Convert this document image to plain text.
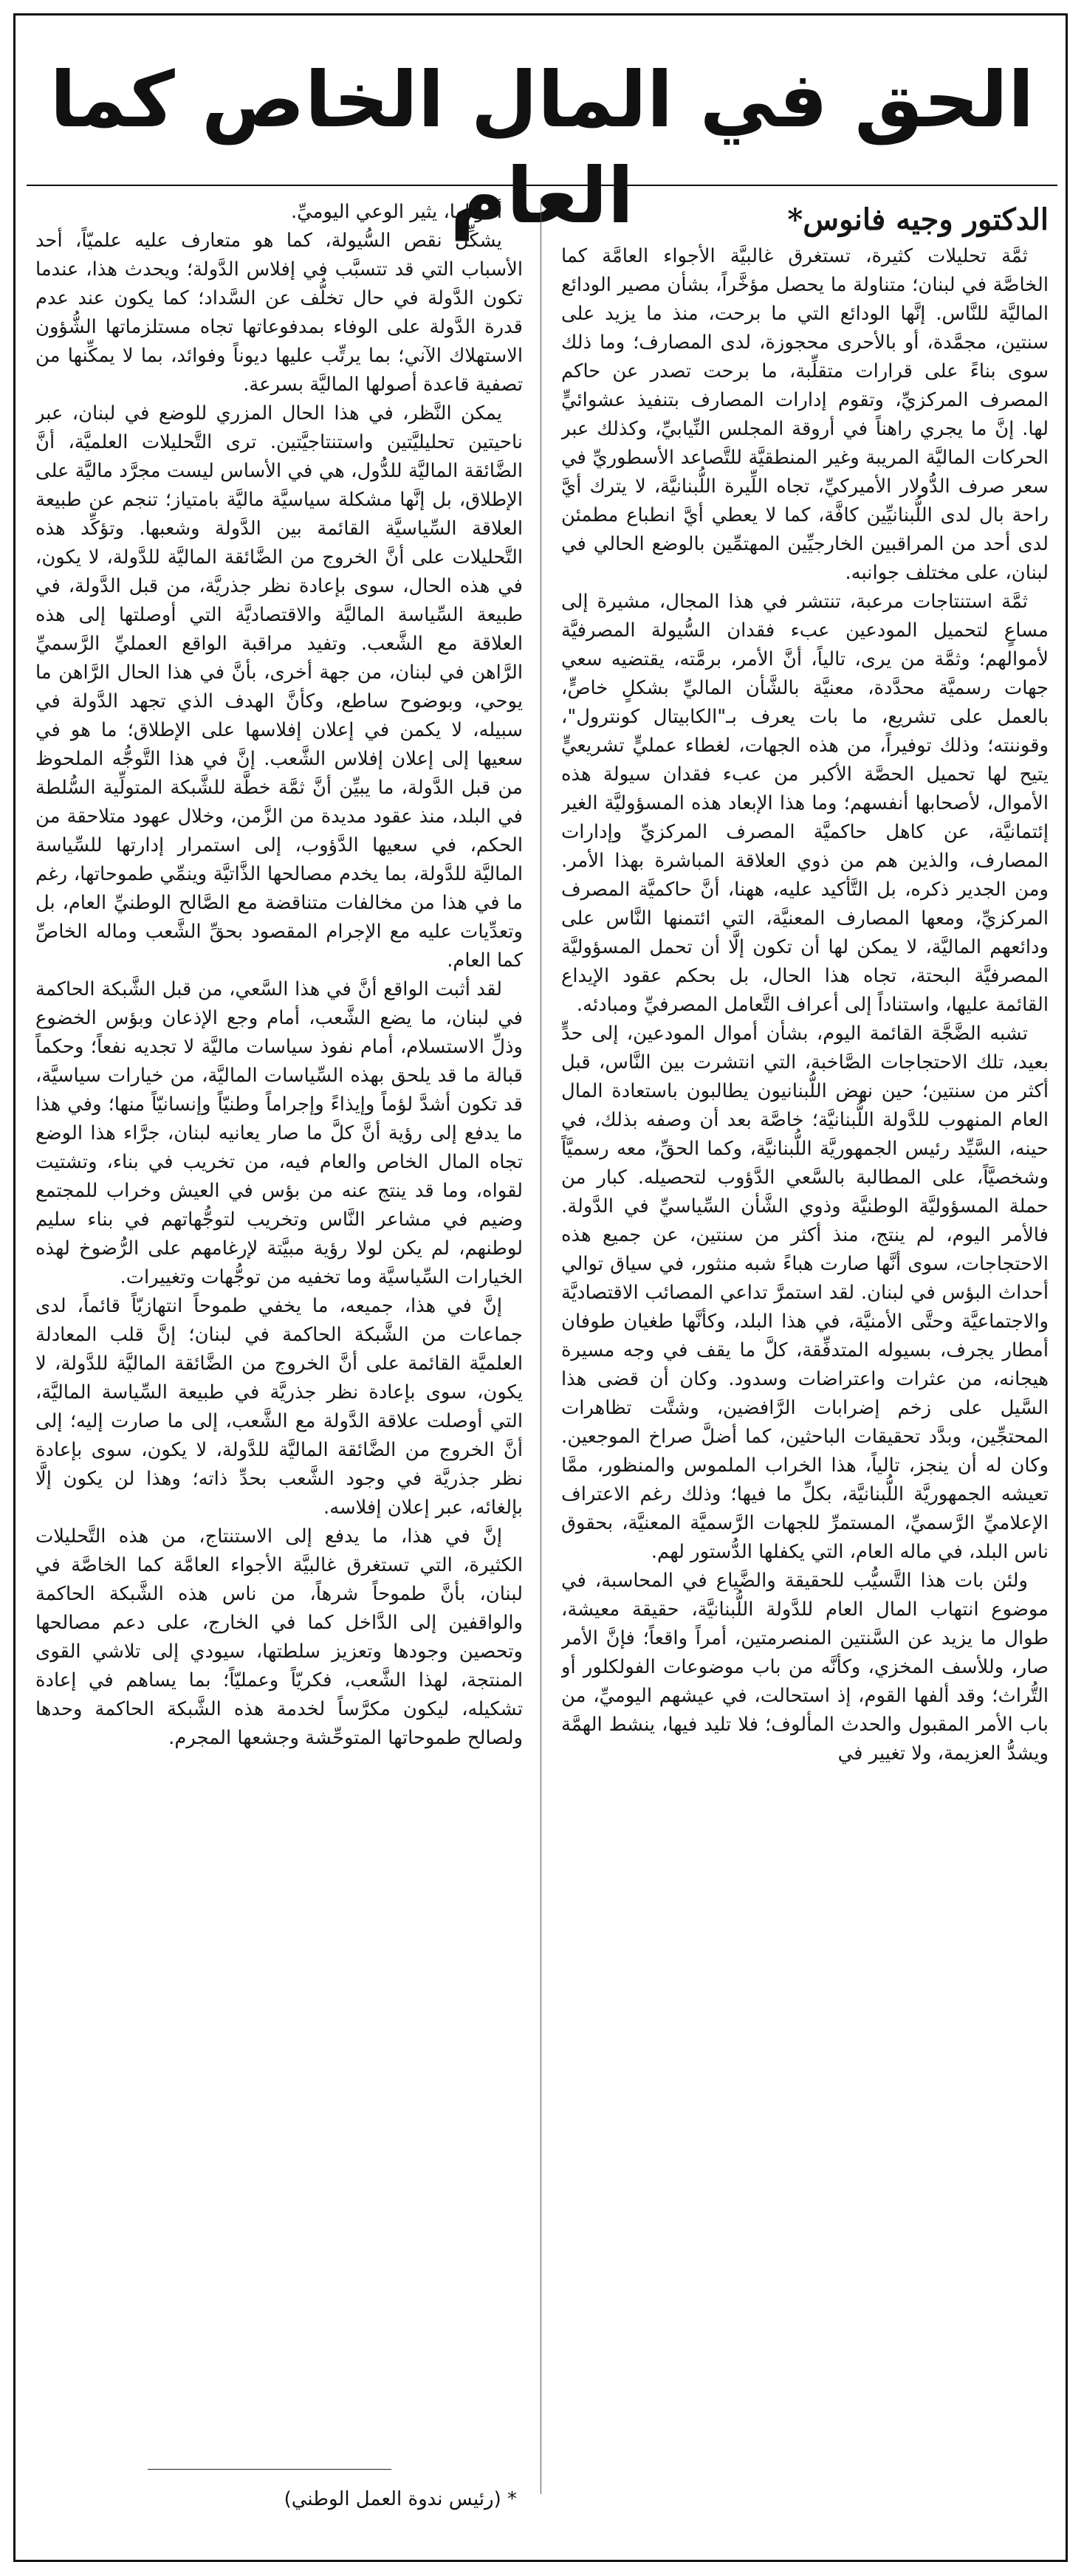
الحق في المال الخاص كما العام	الدكتور وجيه فانوس*

ثمَّة تحليلات كثيرة، تستغرق غالبيَّة الأجواء العامَّة كما الخاصَّة في لبنان؛ متناولة ما يحصل مؤخَّراً، بشأن مصير الودائع الماليَّة للنَّاس. إنَّها الودائع التي ما برحت، منذ ما يزيد على سنتين، مجمَّدة، أو بالأحرى محجوزة، لدى المصارف؛ وما ذلك سوى بناءً على قرارات متقلِّبة، ما برحت تصدر عن حاكم المصرف المركزيِّ، وتقوم إدارات المصارف بتنفيذ عشوائيٍّ لها. إنَّ ما يجري راهناً في أروقة المجلس النِّيابيِّ، وكذلك عبر الحركات الماليَّة المريبة وغير المنطقيَّة للتَّصاعد الأسطوريِّ في سعر صرف الدُّولار الأميركيِّ، تجاه اللِّيرة اللُّبنانيَّة، لا يترك أيَّ راحة بال لدى اللُّبنانيِّين كافَّة، كما لا يعطي أيَّ انطباع مطمئن لدى أحد من المراقبين الخارجيِّين المهتمِّين بالوضع الحالي في لبنان، على مختلف جوانبه.

ثمَّة استنتاجات مرعبة، تنتشر في هذا المجال، مشيرة إلى مساعٍ لتحميل المودعين عبء فقدان السُّيولة المصرفيَّة لأموالهم؛ وثمَّة من يرى، تالياً، أنَّ الأمر، برمَّته، يقتضيه سعي جهات رسميَّة محدَّدة، معنيَّة بالشَّأن الماليِّ بشكلٍ خاصٍّ، بالعمل على تشريع، ما بات يعرف بـ"الكابيتال كونترول"، وقوننته؛ وذلك توفيراً، من هذه الجهات، لغطاء عمليٍّ تشريعيٍّ يتيح لها تحميل الحصَّة الأكبر من عبء فقدان سيولة هذه الأموال، لأصحابها أنفسهم؛ وما هذا الإبعاد هذه المسؤوليَّة الغير إئتمانيَّة، عن كاهل حاكميَّة المصرف المركزيِّ وإدارات المصارف، والذين هم من ذوي العلاقة المباشرة بهذا الأمر. ومن الجدير ذكره، بل التَّأكيد عليه، ههنا، أنَّ حاكميَّة المصرف المركزيِّ، ومعها المصارف المعنيَّة، التي ائتمنها النَّاس على ودائعهم الماليَّة، لا يمكن لها أن تكون إلَّا أن تحمل المسؤوليَّة المصرفيَّة البحتة، تجاه هذا الحال، بل بحكم عقود الإيداع القائمة عليها، واستناداً إلى أعراف التَّعامل المصرفيِّ ومبادئه.

تشبه الضَّجَّة القائمة اليوم، بشأن أموال المودعين، إلى حدٍّ بعيد، تلك الاحتجاجات الصَّاخبة، التي انتشرت بين النَّاس، قبل أكثر من سنتين؛ حين نهض اللُّبنانيون يطالبون باستعادة المال العام المنهوب للدَّولة اللُّبنانيَّة؛ خاصَّة بعد أن وصفه بذلك، في حينه، السَّيِّد رئيس الجمهوريَّة اللُّبنانيَّة، وكما الحقِّ، معه رسميَّاً وشخصيَّاً، على المطالبة بالسَّعي الدَّؤوب لتحصيله. كبار من حملة المسؤوليَّة الوطنيَّة وذوي الشَّأن السِّياسيِّ في الدَّولة. فالأمر اليوم، لم ينتج، منذ أكثر من سنتين، عن جميع هذه الاحتجاجات، سوى أنَّها صارت هباءً شبه منثور، في سياق توالي أحداث البؤس في لبنان. لقد استمرَّ تداعي المصائب الاقتصاديَّة والاجتماعيَّة وحتَّى الأمنيَّة، في هذا البلد، وكأنَّها طغيان طوفان أمطار يجرف، بسيوله المتدفِّقة، كلَّ ما يقف في وجه مسيرة هيجانه، من عثرات واعتراضات وسدود. وكان أن قضى هذا السَّيل على زخم إضرابات الرَّافضين، وشتَّت تظاهرات المحتجِّين، وبدَّد تحقيقات الباحثين، كما أضلَّ صراخ الموجعين. وكان له أن ينجز، تالياً، هذا الخراب الملموس والمنظور، ممَّا تعيشه الجمهوريَّة اللُّبنانيَّة، بكلِّ ما فيها؛ وذلك رغم الاعتراف الإعلاميِّ الرَّسميِّ، المستمرِّ للجهات الرَّسميَّة المعنيَّة، بحقوق ناس البلد، في ماله العام، التي يكفلها الدُّستور لهم.

ولئن بات هذا التَّسيُّب للحقيقة والضَّياع في المحاسبة، في موضوع انتهاب المال العام للدَّولة اللُّبنانيَّة، حقيقة معيشة، طوال ما يزيد عن السَّنتين المنصرمتين، أمراً واقعاً؛ فإنَّ الأمر صار، وللأسف المخزي، وكأنَّه من باب موضوعات الفولكلور أو التُّراث؛ وقد ألفها القوم، إذ استحالت، في عيشهم اليوميِّ، من باب الأمر المقبول والحدث المألوف؛ فلا تليد فيها، ينشط الهمَّة ويشدُّ العزيمة، ولا تغيير في

أحوالها، يثير الوعي اليوميِّ.

يشكِّل نقص السُّيولة، كما هو متعارف عليه علميّاً، أحد الأسباب التي قد تتسبَّب في إفلاس الدَّولة؛ ويحدث هذا، عندما تكون الدَّولة في حال تخلُّف عن السَّداد؛ كما يكون عند عدم قدرة الدَّولة على الوفاء بمدفوعاتها تجاه مستلزماتها الشُّؤون الاستهلاك الآني؛ بما يرتِّب عليها ديوناً وفوائد، بما لا يمكِّنها من تصفية قاعدة أصولها الماليَّة بسرعة.

يمكن النَّظر، في هذا الحال المزري للوضع في لبنان، عبر ناحيتين تحليليَّتين واستنتاجيَّتين. ترى التَّحليلات العلميَّة، أنَّ الضَّائقة الماليَّة للدُّول، هي في الأساس ليست مجرَّد ماليَّة على الإطلاق، بل إنَّها مشكلة سياسيَّة ماليَّة بامتياز؛ تنجم عن طبيعة العلاقة السِّياسيَّة القائمة بين الدَّولة وشعبها. وتؤكِّد هذه التَّحليلات على أنَّ الخروج من الضَّائقة الماليَّة للدَّولة، لا يكون، في هذه الحال، سوى بإعادة نظر جذريَّة، من قبل الدَّولة، في طبيعة السِّياسة الماليَّة والاقتصاديَّة التي أوصلتها إلى هذه العلاقة مع الشَّعب. وتفيد مراقبة الواقع العمليِّ الرَّسميِّ الرَّاهن في لبنان، من جهة أخرى، بأنَّ في هذا الحال الرَّاهن ما يوحي، وبوضوح ساطع، وكأنَّ الهدف الذي تجهد الدَّولة في سبيله، لا يكمن في إعلان إفلاسها على الإطلاق؛ ما هو في سعيها إلى إعلان إفلاس الشَّعب. إنَّ في هذا التَّوجُّه الملحوظ من قبل الدَّولة، ما يبيِّن أنَّ ثمَّة خطَّة للشَّبكة المتولِّية السُّلطة في البلد، منذ عقود مديدة من الزَّمن، وخلال عهود متلاحقة من الحكم، في سعيها الدَّؤوب، إلى استمرار إدارتها للسِّياسة الماليَّة للدَّولة، بما يخدم مصالحها الذَّاتيَّة وينمِّي طموحاتها، رغم ما في هذا من مخالفات متناقضة مع الصَّالح الوطنيِّ العام، بل وتعدِّيات عليه مع الإجرام المقصود بحقِّ الشَّعب وماله الخاصِّ كما العام.

لقد أثبت الواقع أنَّ في هذا السَّعي، من قبل الشَّبكة الحاكمة في لبنان، ما يضع الشَّعب، أمام وجع الإذعان وبؤس الخضوع وذلِّ الاستسلام، أمام نفوذ سياسات ماليَّة لا تجديه نفعاً؛ وحكماً قبالة ما قد يلحق بهذه السِّياسات الماليَّة، من خيارات سياسيَّة، قد تكون أشدَّ لؤماً وإيذاءً وإجراماً وطنيّاً وإنسانيّاً منها؛ وفي هذا ما يدفع إلى رؤية أنَّ كلَّ ما صار يعانيه لبنان، جرَّاء هذا الوضع تجاه المال الخاص والعام فيه، من تخريب في بناء، وتشتيت لقواه، وما قد ينتج عنه من بؤس في العيش وخراب للمجتمع وضيم في مشاعر النَّاس وتخريب لتوجُّهاتهم في بناء سليم لوطنهم، لم يكن لولا رؤية مبيَّتة لإرغامهم على الرُّضوخ لهذه الخيارات السِّياسيَّة وما تخفيه من توجُّهات وتغييرات.

إنَّ في هذا، جميعه، ما يخفي طموحاً انتهازيّاً قائماً، لدى جماعات من الشَّبكة الحاكمة في لبنان؛ إنَّ قلب المعادلة العلميَّة القائمة على أنَّ الخروج من الضَّائقة الماليَّة للدَّولة، لا يكون، سوى بإعادة نظر جذريَّة في طبيعة السِّياسة الماليَّة، التي أوصلت علاقة الدَّولة مع الشَّعب، إلى ما صارت إليه؛ إلى أنَّ الخروج من الضَّائقة الماليَّة للدَّولة، لا يكون، سوى بإعادة نظر جذريَّة في وجود الشَّعب بحدِّ ذاته؛ وهذا لن يكون إلَّا بإلغائه، عبر إعلان إفلاسه.

إنَّ في هذا، ما يدفع إلى الاستنتاج، من هذه التَّحليلات الكثيرة، التي تستغرق غالبيَّة الأجواء العامَّة كما الخاصَّة في لبنان، بأنَّ طموحاً شرهاً، من ناس هذه الشَّبكة الحاكمة والواقفين إلى الدَّاخل كما في الخارج، على دعم مصالحها وتحصين وجودها وتعزيز سلطتها، سيودي إلى تلاشي القوى المنتجة، لهذا الشَّعب، فكريّاً وعمليّاً؛ بما يساهم في إعادة تشكيله، ليكون مكرَّساً لخدمة هذه الشَّبكة الحاكمة وحدها ولصالح طموحاتها المتوحِّشة وجشعها المجرم.

* (رئيس ندوة العمل الوطني)
